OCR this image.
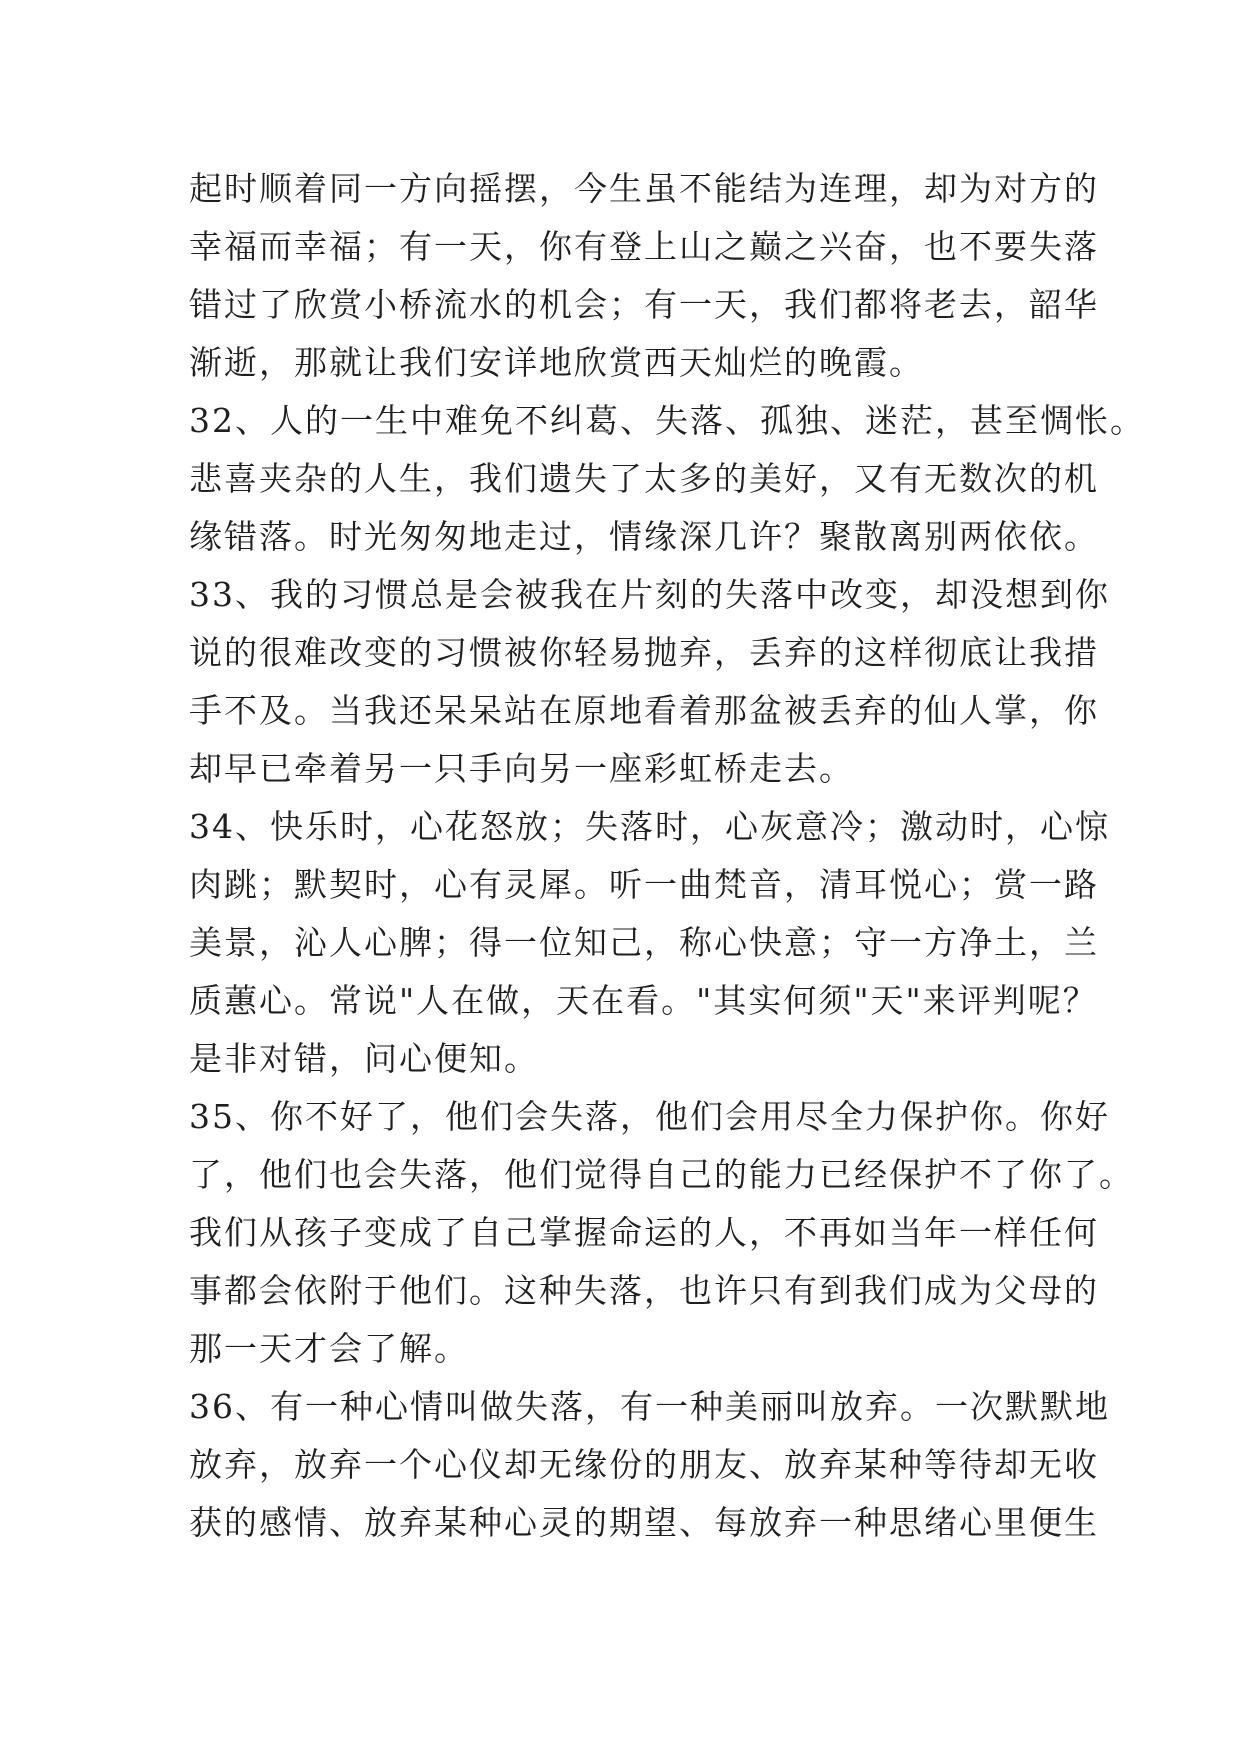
起时顺着同一方向摇摆，今生虽不能结为连理，却为对方的
幸福而幸福；有一天，你有登上山之巅之兴奋，也不要失落
错过了欣赏小桥流水的机会；有一天，我们都将老去，韶华
渐逝，那就让我们安详地欣赏西天灿烂的晚霞。
32、人的一生中难免不纠葛、失落、孤独、迷茫，甚至惆怅。
悲喜夹杂的人生，我们遗失了太多的美好，又有无数次的机
缘错落。时光匆匆地走过，情缘深几许？聚散离别两依依。
33、我的习惯总是会被我在片刻的失落中改变，却没想到你
说的很难改变的习惯被你轻易抛弃，丢弃的这样彻底让我措
手不及。当我还呆呆站在原地看着那盆被丢弃的仙人掌，你
却早已牵着另一只手向另一座彩虹桥走去。
34、快乐时，心花怒放；失落时，心灰意冷；激动时，心惊
肉跳；默契时，心有灵犀。听一曲梵音，清耳悦心；赏一路
美景，沁人心脾；得一位知己，称心快意；守一方净土，兰
质蕙心。常说"人在做，天在看。"其实何须"天"来评判呢？
是非对错，问心便知。
35、你不好了，他们会失落，他们会用尽全力保护你。你好
了，他们也会失落，他们觉得自己的能力已经保护不了你了。
我们从孩子变成了自己掌握命运的人，不再如当年一样任何
事都会依附于他们。这种失落，也许只有到我们成为父母的
那一天才会了解。
36、有一种心情叫做失落，有一种美丽叫放弃。一次默默地
放弃，放弃一个心仪却无缘份的朋友、放弃某种等待却无收
获的感情、放弃某种心灵的期望、每放弃一种思绪心里便生
